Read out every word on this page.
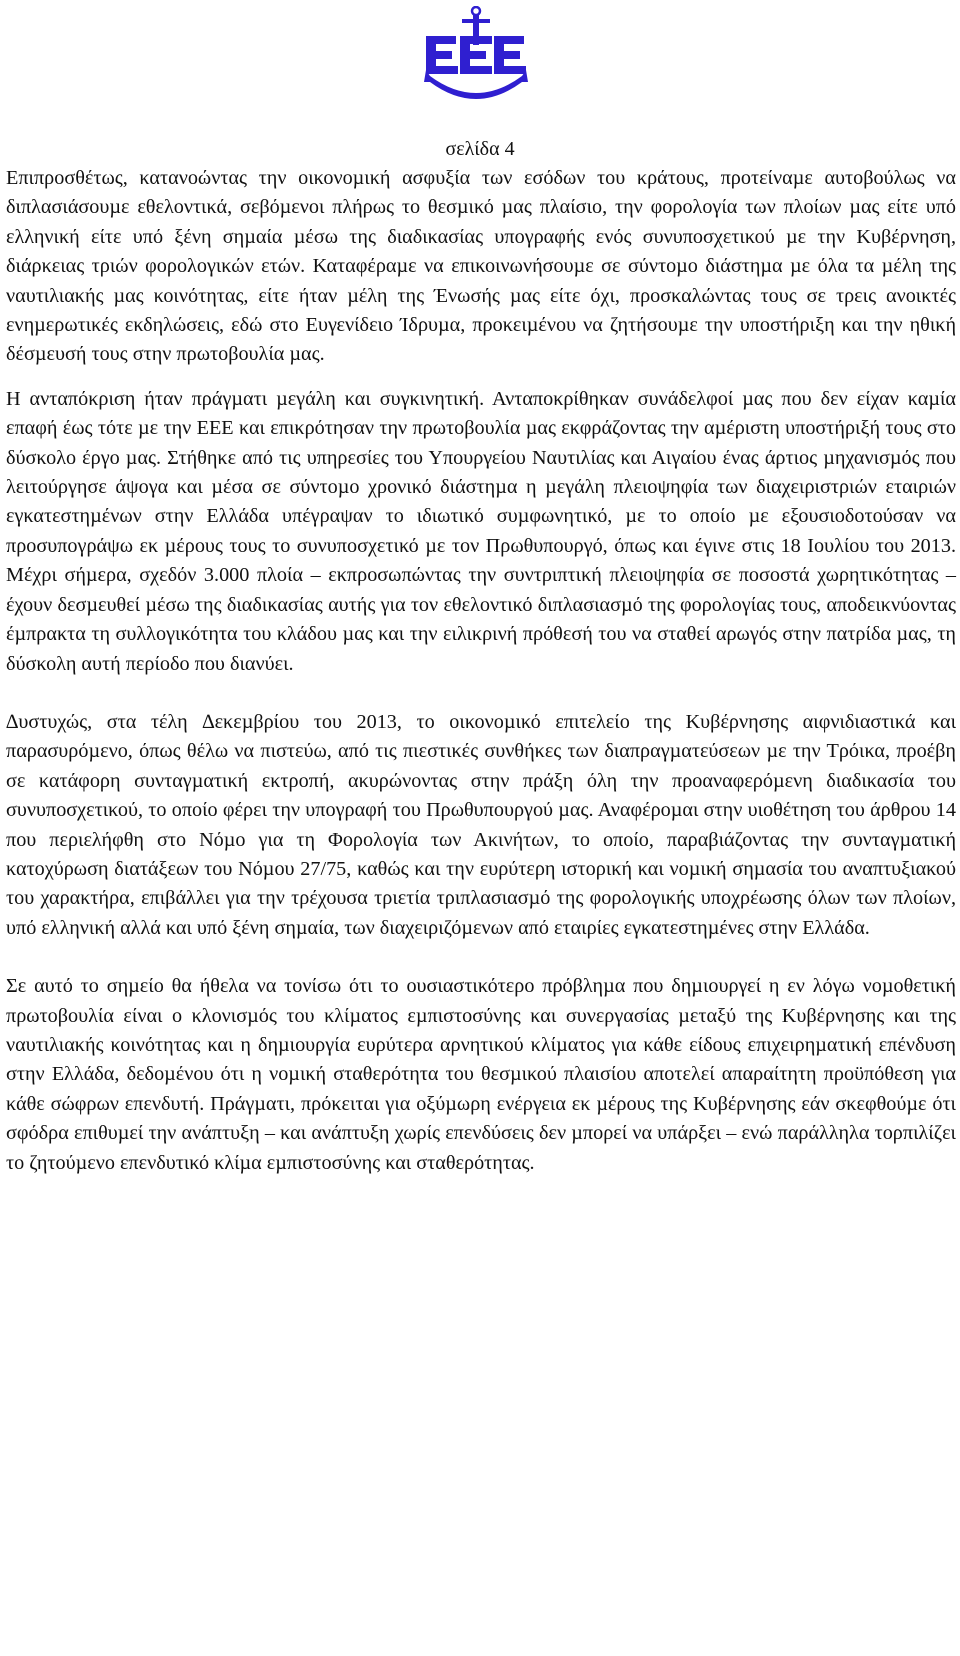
σελίδα 4

Επιπροσθέτως, κατανοώντας την οικονοµική ασφυξία των εσόδων του κράτους, προτείναµε αυτοβούλως να διπλασιάσουµε εθελοντικά, σεβόµενοι πλήρως το θεσµικό µας πλαίσιο, την φορολογία των πλοίων µας είτε υπό ελληνική είτε υπό ξένη σηµαία µέσω της διαδικασίας υπογραφής ενός συνυποσχετικού µε την Κυβέρνηση, διάρκειας τριών φορολογικών ετών. Καταφέραµε να επικοινωνήσουµε σε σύντοµο διάστηµα µε όλα τα µέλη της ναυτιλιακής µας κοινότητας, είτε ήταν µέλη της Ένωσής µας είτε όχι, προσκαλώντας τους σε τρεις ανοικτές ενηµερωτικές εκδηλώσεις, εδώ στο Ευγενίδειο Ίδρυµα, προκειµένου να ζητήσουµε την υποστήριξη και την ηθική δέσµευσή τους στην πρωτοβουλία µας.

Η ανταπόκριση ήταν πράγµατι µεγάλη και συγκινητική. Ανταποκρίθηκαν συνάδελφοί µας που δεν είχαν καµία επαφή έως τότε µε την ΕΕΕ και επικρότησαν την πρωτοβουλία µας εκφράζοντας την αµέριστη υποστήριξή τους στο δύσκολο έργο µας. Στήθηκε από τις υπηρεσίες του Υπουργείου Ναυτιλίας και Αιγαίου ένας άρτιος µηχανισµός που λειτούργησε άψογα και µέσα σε σύντοµο χρονικό διάστηµα η µεγάλη πλειοψηφία των διαχειριστριών εταιριών εγκατεστηµένων στην Ελλάδα υπέγραψαν το ιδιωτικό συµφωνητικό, µε το οποίο µε εξουσιοδοτούσαν να προσυπογράψω εκ µέρους τους το συνυποσχετικό µε τον Πρωθυπουργό, όπως και έγινε στις 18 Ιουλίου του 2013. Μέχρι σήµερα, σχεδόν 3.000 πλοία – εκπροσωπώντας την συντριπτική πλειοψηφία σε ποσοστά χωρητικότητας – έχουν δεσµευθεί µέσω της διαδικασίας αυτής για τον εθελοντικό διπλασιασµό της φορολογίας τους, αποδεικνύοντας έµπρακτα τη συλλογικότητα του κλάδου µας και την ειλικρινή πρόθεσή του να σταθεί αρωγός στην πατρίδα µας, τη δύσκολη αυτή περίοδο που διανύει.

∆υστυχώς, στα τέλη ∆εκεµβρίου του 2013, το οικονοµικό επιτελείο της Κυβέρνησης αιφνιδιαστικά και παρασυρόµενο, όπως θέλω να πιστεύω, από τις πιεστικές συνθήκες των διαπραγµατεύσεων µε την Τρόικα, προέβη σε κατάφορη συνταγµατική εκτροπή, ακυρώνοντας στην πράξη όλη την προαναφερόµενη διαδικασία του συνυποσχετικού, το οποίο φέρει την υπογραφή του Πρωθυπουργού µας. Αναφέροµαι στην υιοθέτηση του άρθρου 14 που περιελήφθη στο Νόµο για τη Φορολογία των Ακινήτων, το οποίο, παραβιάζοντας την συνταγµατική κατοχύρωση διατάξεων του Νόµου 27/75, καθώς και την ευρύτερη ιστορική και νοµική σηµασία του αναπτυξιακού του χαρακτήρα, επιβάλλει για την τρέχουσα τριετία τριπλασιασµό της φορολογικής υποχρέωσης όλων των πλοίων, υπό ελληνική αλλά και υπό ξένη σηµαία, των διαχειριζόµενων από εταιρίες εγκατεστηµένες στην Ελλάδα.

Σε αυτό το σηµείο θα ήθελα να τονίσω ότι το ουσιαστικότερο πρόβληµα που δηµιουργεί η εν λόγω νοµοθετική πρωτοβουλία είναι ο κλονισµός του κλίµατος εµπιστοσύνης και συνεργασίας µεταξύ της Κυβέρνησης και της ναυτιλιακής κοινότητας και η δηµιουργία ευρύτερα αρνητικού κλίµατος για κάθε είδους επιχειρηµατική επένδυση στην Ελλάδα, δεδοµένου ότι η νοµική σταθερότητα του θεσµικού πλαισίου αποτελεί απαραίτητη προϋπόθεση για κάθε σώφρων επενδυτή. Πράγµατι, πρόκειται για οξύµωρη ενέργεια εκ µέρους της Κυβέρνησης εάν σκεφθούµε ότι σφόδρα επιθυµεί την ανάπτυξη – και ανάπτυξη χωρίς επενδύσεις δεν µπορεί να υπάρξει – ενώ παράλληλα τορπιλίζει το ζητούµενο επενδυτικό κλίµα εµπιστοσύνης και σταθερότητας.
